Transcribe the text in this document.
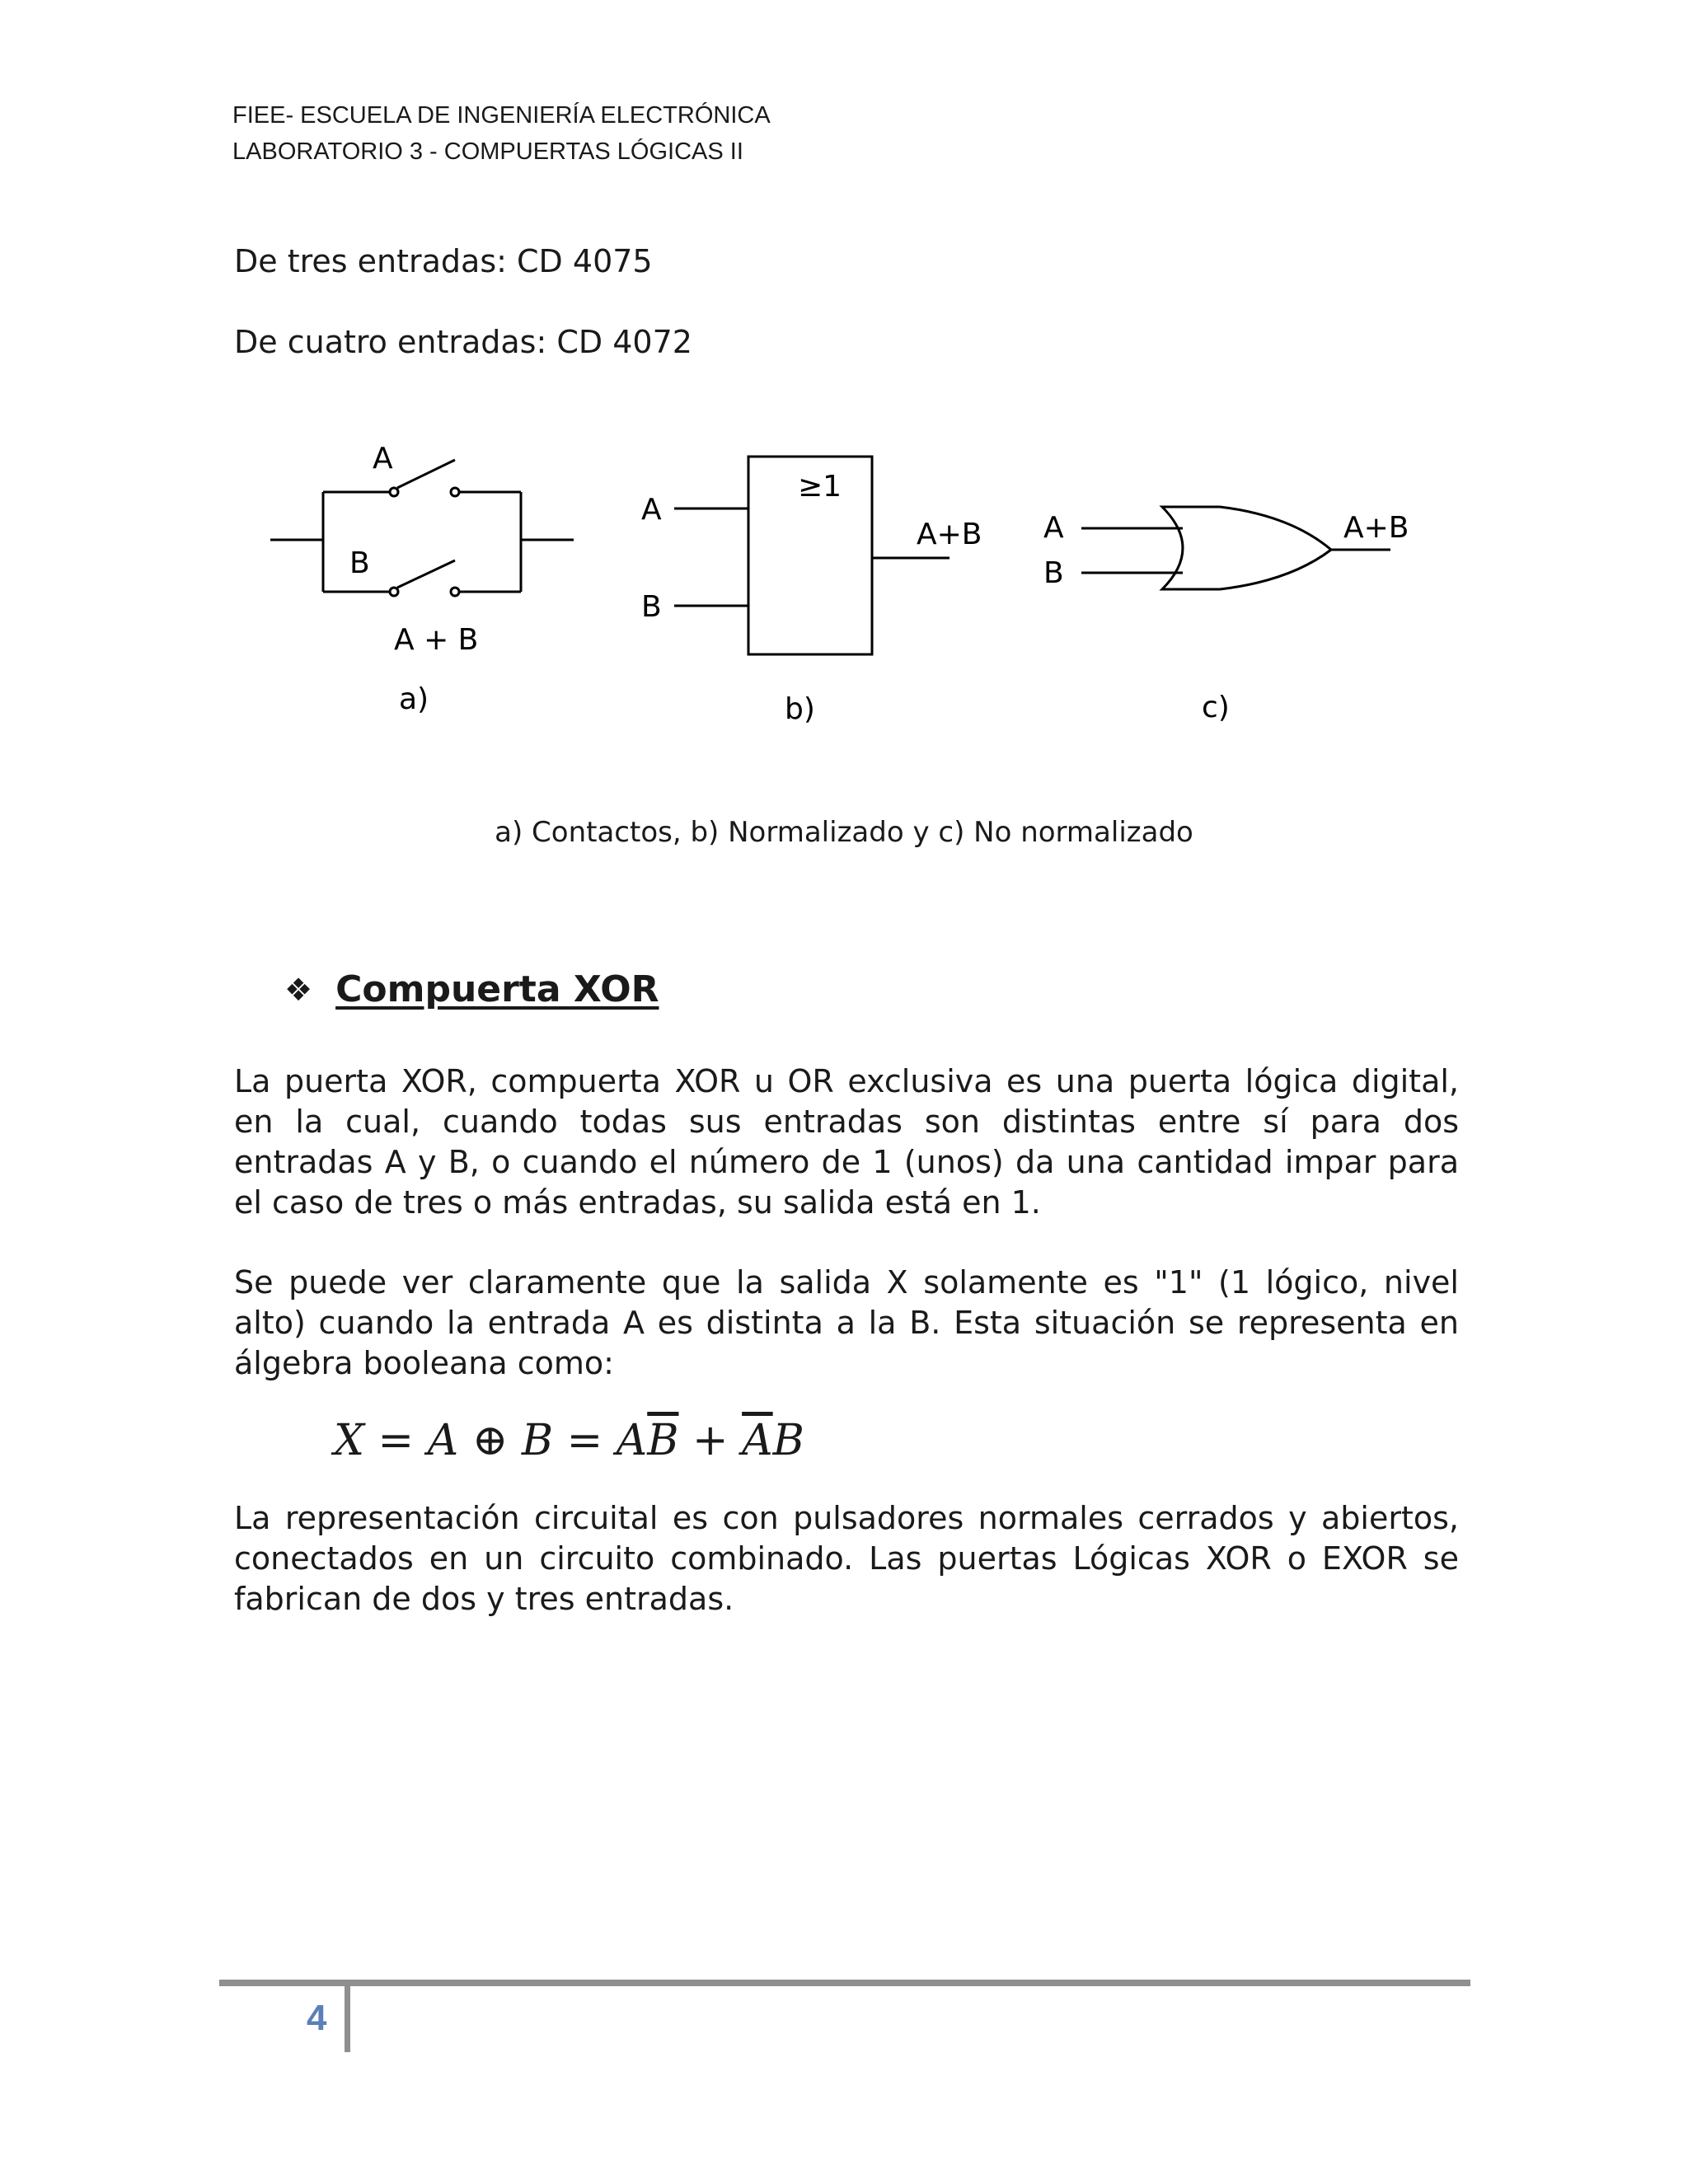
FIEE- ESCUELA DE INGENIERÍA ELECTRÓNICA
LABORATORIO 3 - COMPUERTAS LÓGICAS II
De tres entradas: CD 4075
De cuatro entradas: CD 4072
A
B
A + B
a)
A
B
≥1
A+B
b)
A
B
A+B
c)
a) Contactos, b) Normalizado y c) No normalizado
❖ Compuerta XOR
La puerta XOR, compuerta XOR u OR exclusiva es una puerta lógica digital, en la cual, cuando todas sus entradas son distintas entre sí para dos entradas A y B, o cuando el número de 1 (unos) da una cantidad impar para el caso de tres o más entradas, su salida está en 1.
Se puede ver claramente que la salida X solamente es "1" (1 lógico, nivel alto) cuando la entrada A es distinta a la B. Esta situación se representa en álgebra booleana como:
X = A ⊕ $B = A\overline{B} + \overline{A}B$
La representación circuital es con pulsadores normales cerrados y abiertos, conectados en un circuito combinado. Las puertas Lógicas XOR o EXOR se fabrican de dos y tres entradas.
4
